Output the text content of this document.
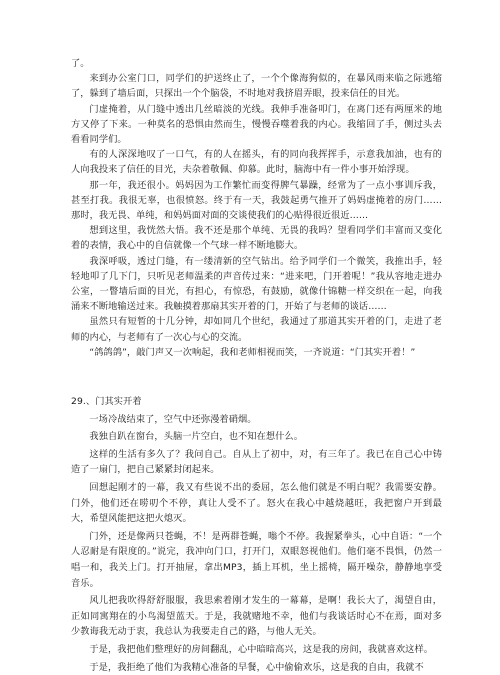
了。

来到办公室门口，同学们的护送终止了，一个个像海狗似的，在暴风雨来临之际逃缩了，躲到了墙后面，只探出一个个脑袋，不时地对我挤眉弄眼，投来信任的目光。

门虚掩着，从门缝中透出几丝暗淡的光线。我伸手准备叩门，在离门还有两厘米的地方又停了下来。一种莫名的恐惧由然而生，慢慢吞噬着我的内心。我缩回了手，侧过头去看看同学们。

有的人深深地叹了一口气，有的人在摇头，有的同向我挥挥手，示意我加油，也有的人向我投来了信任的目光，夫杂着敬佩、仰慕。此时，脑海中有一件小事开始浮现。

那一年，我还很小。妈妈因为工作繁忙而变得脾气暴躁，经常为了一点小事训斥我，甚至打我。我很无辜，也很愤怒。终于有一天，我鼓起勇气推开了妈妈虚掩着的房门……那时，我无畏、单纯，和妈妈面对面的交谈使我们的心贴得很近很近……

想到这里，我恍然大悟。我不还是那个单纯、无畏的我吗？望看同学们丰富而又变化着的表情，我心中的自信就像一个气球一样不断地膨大。

我深呼吸，透过门缝，有一缕清新的空气钻出。给予同学们一个微笑，我推出手，轻轻地叩了几下门，只听见老师温柔的声音传过来：“进来吧，门开着呢！”我从容地走进办公室，一瞥墙后面的目光，有担心，有惊恐，有鼓励，就像什锦糖一样交织在一起，向我涌来不断地输送过来。我触摸着那扇其实开着的门，开始了与老师的谈话……

虽然只有短暂的十几分钟，却如同几个世纪，我通过了那道其实开着的门，走进了老师的内心，与老师有了一次心与心的交流。

“鸽鸽鸽”，敲门声又一次响起，我和老师相视而笑，一齐说道：“门其实开着！”

29.、门其实开着

一场冷战结束了，空气中还弥漫着硝烟。

我独自趴在窗台，头脑一片空白，也不知在想什么。

这样的生活有多久了？我问自己。自从上了初中，对，有三年了。我已在自己心中铸造了一扇门，把自己紧紧封闭起来。

回想起刚才的一幕，我又有些说不出的委屈，怎么他们就是不明白呢？我需要安静。门外，他们还在唠叨个不停，真让人受不了。怒火在我心中越烧越旺，我把窗户开到最大，希望风能把这把火熄灭。

门外，还是像两只苍蝇，不！是两群苍蝇，嗡个不停。我握紧拳头，心中自语：“一个人忍耐是有限度的。”说完，我冲向门口，打开门，双眼怒视他们。他们毫不畏惧，仍然一唱一和，我关上门。打开抽屉，拿出MP3，插上耳机，坐上摇椅，隔开噪杂，静静地享受音乐。

风儿把我吹得舒舒服服，我思索着刚才发生的一幕幕，是啊！我长大了，渴望自由，正如同寓翔在的小鸟渴望蓝天。于是，我就赌地不幸，他们与我谈话时心不在焉，面对多少教诲我无动于衷，我总认为我要走自己的路，与他人无关。

于是，我把他们整理好的房间翻乱，心中暗暗高兴，这是我的房间，我就喜欢这样。

于是，我拒绝了他们为我精心准备的早餐，心中偷偷欢乐，这是我的自由，我就不
